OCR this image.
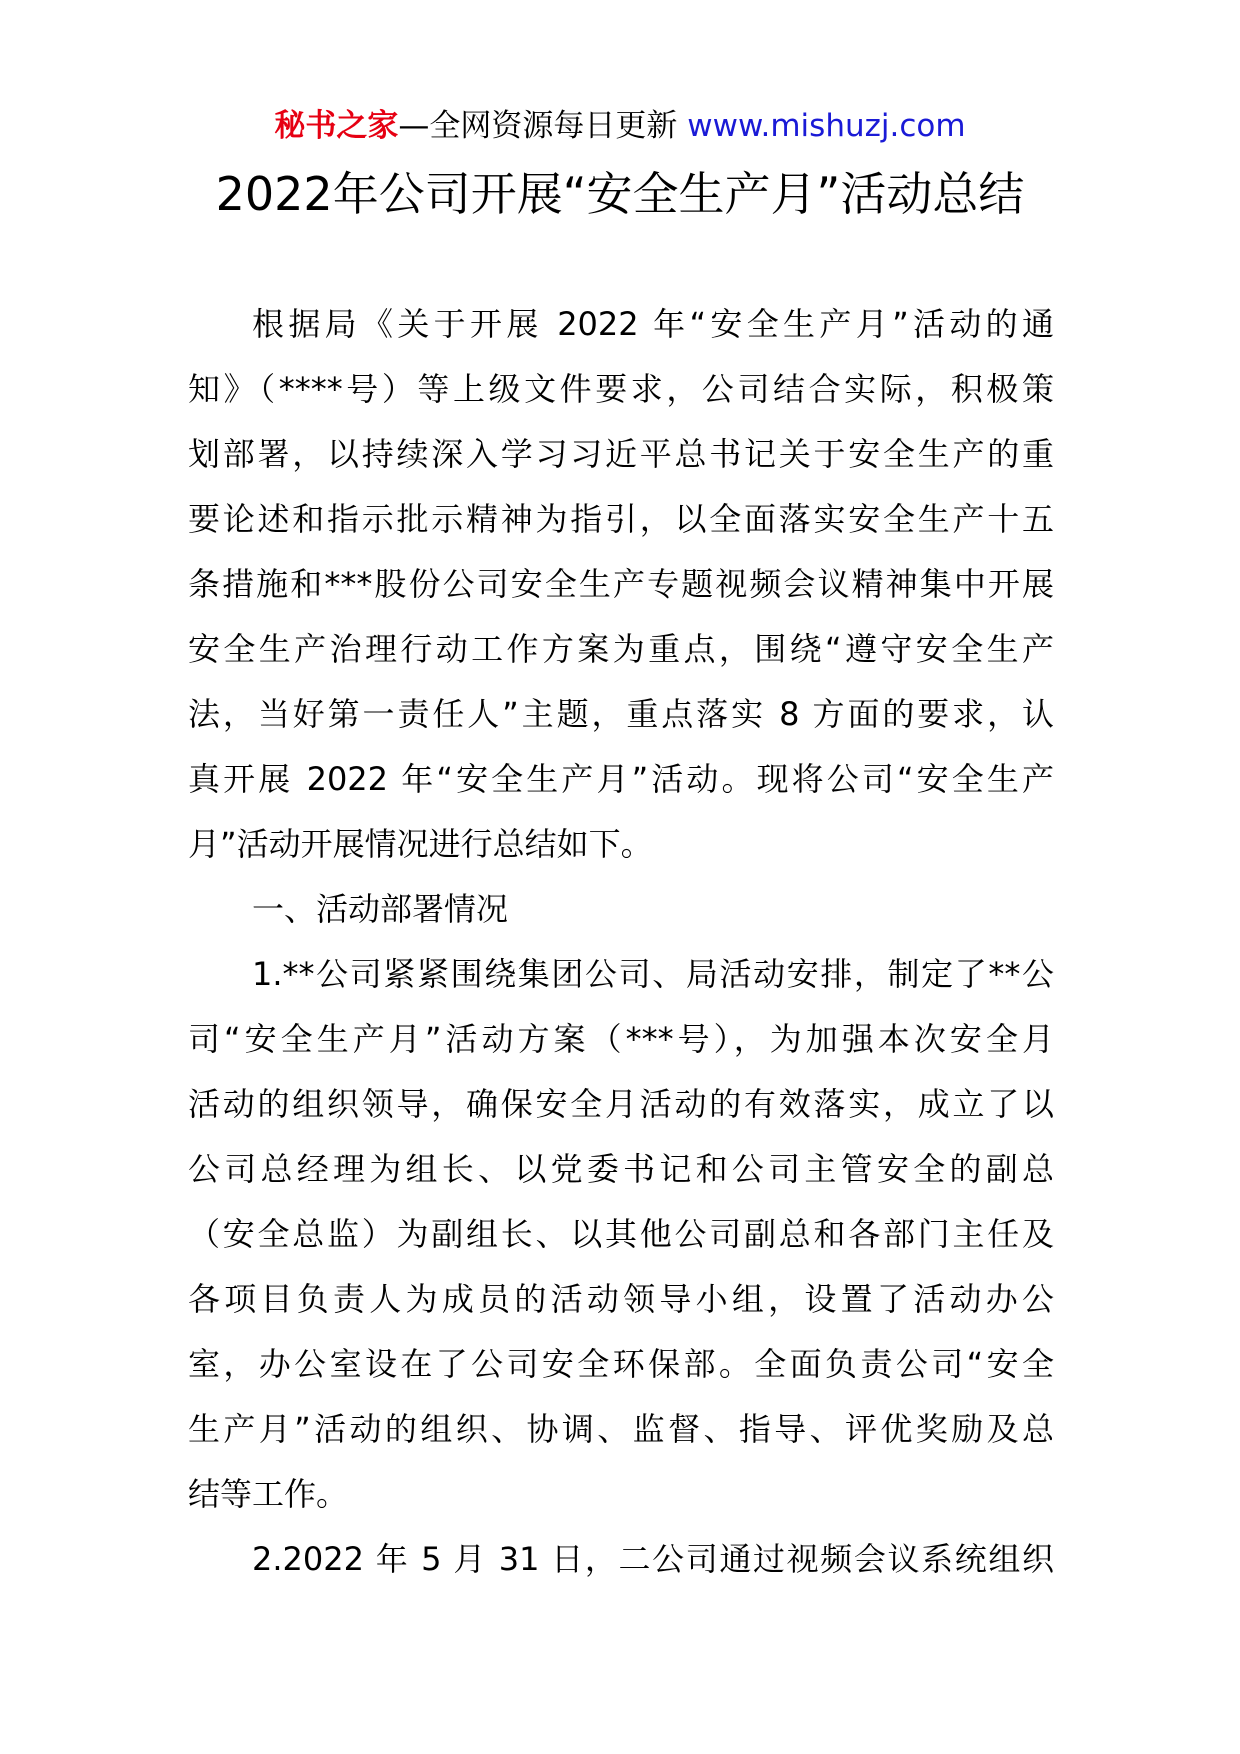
秘书之家—全网资源每日更新 www.mishuzj.com
2022年公司开展“安全生产月”活动总结
根据局《关于开展 2022 年“安全生产月”活动的通
知》（****号）等上级文件要求，公司结合实际，积极策
划部署，以持续深入学习习近平总书记关于安全生产的重
要论述和指示批示精神为指引，以全面落实安全生产十五
条措施和***股份公司安全生产专题视频会议精神集中开展
安全生产治理行动工作方案为重点，围绕“遵守安全生产
法，当好第一责任人”主题，重点落实 8 方面的要求，认
真开展 2022 年“安全生产月”活动。现将公司“安全生产
月”活动开展情况进行总结如下。
一、活动部署情况
1.**公司紧紧围绕集团公司、局活动安排，制定了**公
司“安全生产月”活动方案（***号），为加强本次安全月
活动的组织领导，确保安全月活动的有效落实，成立了以
公司总经理为组长、以党委书记和公司主管安全的副总
（安全总监）为副组长、以其他公司副总和各部门主任及
各项目负责人为成员的活动领导小组，设置了活动办公
室，办公室设在了公司安全环保部。全面负责公司“安全
生产月”活动的组织、协调、监督、指导、评优奖励及总
结等工作。
2.2022 年 5 月 31 日，二公司通过视频会议系统组织
